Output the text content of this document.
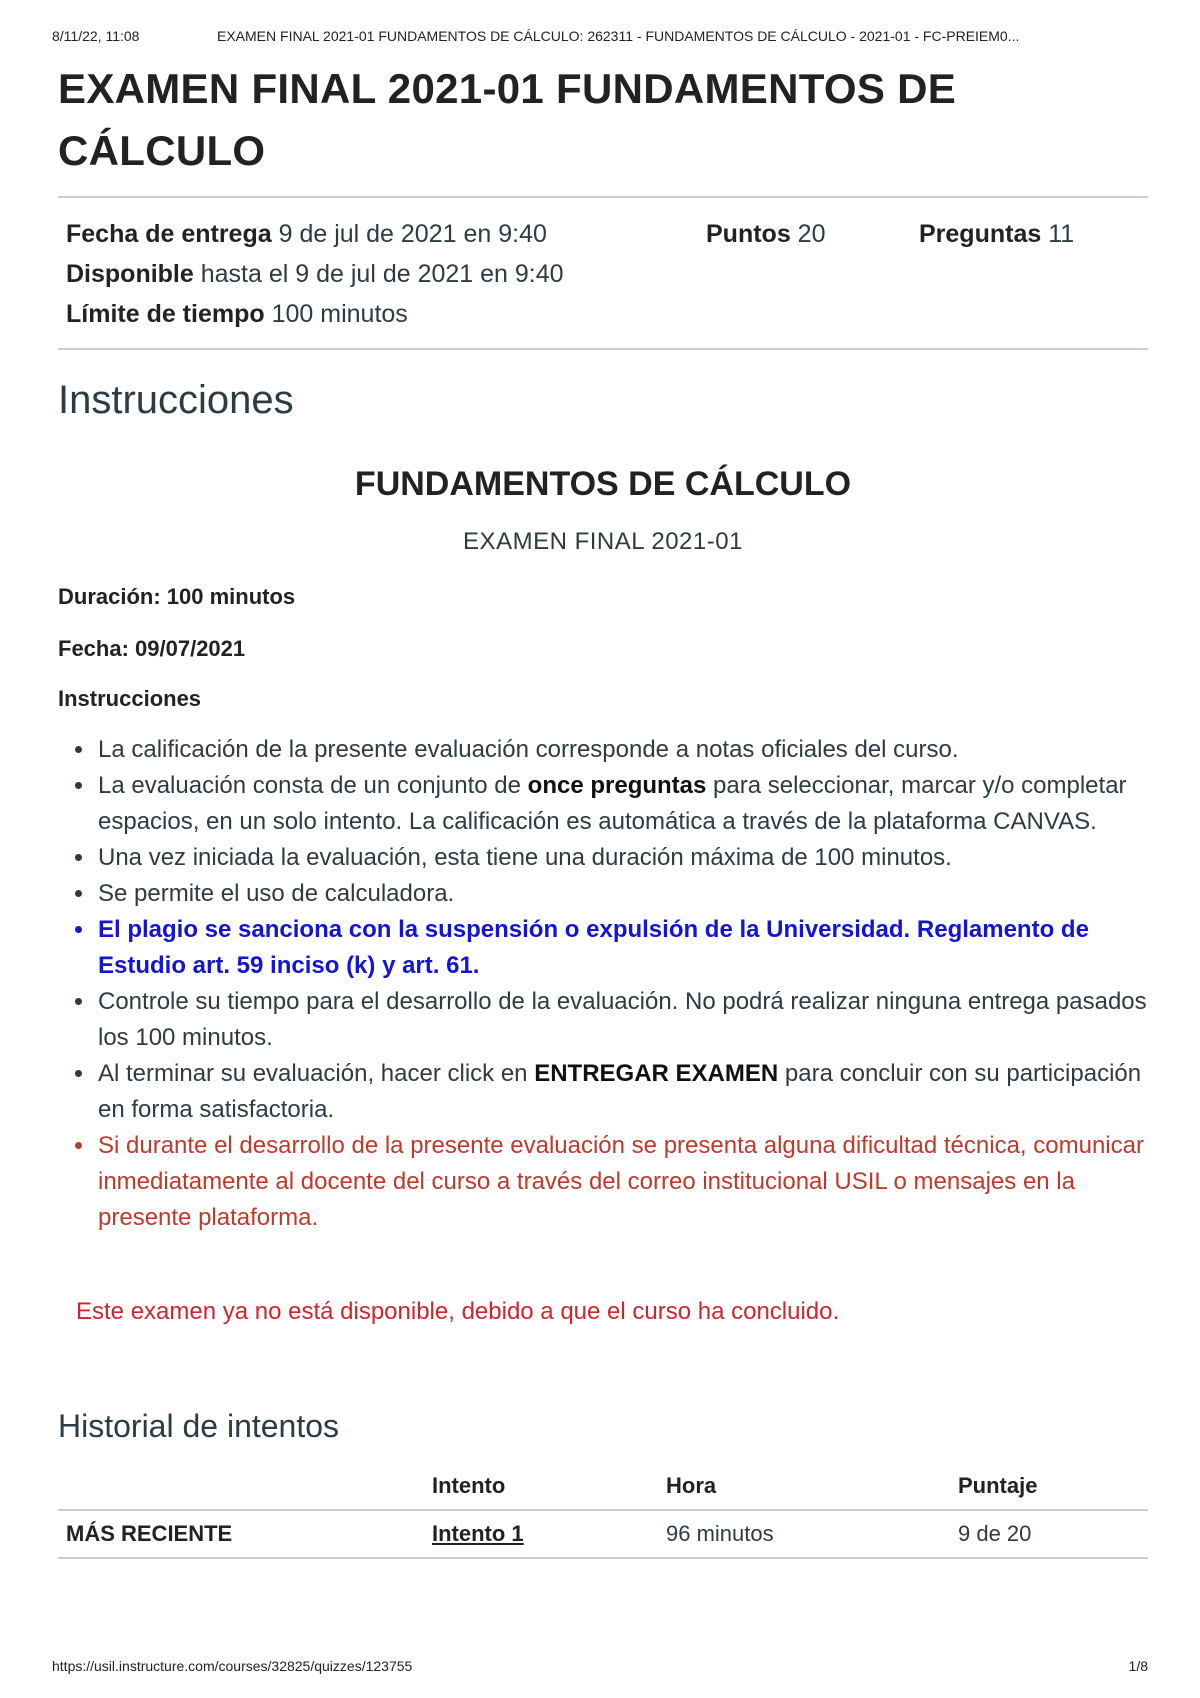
8/11/22, 11:08	EXAMEN FINAL 2021-01 FUNDAMENTOS DE CÁLCULO: 262311 - FUNDAMENTOS DE CÁLCULO - 2021-01 - FC-PREIEM0...
EXAMEN FINAL 2021-01 FUNDAMENTOS DE CÁLCULO
Fecha de entrega 9 de jul de 2021 en 9:40	Puntos 20	Preguntas 11
Disponible
hasta el 9 de jul de 2021 en 9:40
Límite de tiempo
100 minutos
Instrucciones
FUNDAMENTOS DE CÁLCULO
EXAMEN FINAL 2021-01

Duración: 100 minutos

Fecha: 09/07/2021

Instrucciones

• La calificación de la presente evaluación corresponde a notas oficiales del curso.
• La evaluación consta de un conjunto de once preguntas para seleccionar, marcar y/o completar espacios, en un solo intento. La calificación es automática a través de la plataforma CANVAS.
• Una vez iniciada la evaluación, esta tiene una duración máxima de 100 minutos.
• Se permite el uso de calculadora.
• El plagio se sanciona con la suspensión o expulsión de la Universidad. Reglamento de Estudio art. 59 inciso (k) y art. 61.
• Controle su tiempo para el desarrollo de la evaluación. No podrá realizar ninguna entrega pasados los 100 minutos.
• Al terminar su evaluación, hacer click en ENTREGAR EXAMEN para concluir con su participación en forma satisfactoria.
• Si durante el desarrollo de la presente evaluación se presenta alguna dificultad técnica, comunicar inmediatamente al docente del curso a través del correo institucional USIL o mensajes en la presente plataforma.
Este examen ya no está disponible, debido a que el curso ha concluido.
Historial de intentos
	Intento	Hora	Puntaje
MÁS RECIENTE	Intento 1	96 minutos	9 de 20
https://usil.instructure.com/courses/32825/quizzes/123755	1/8
